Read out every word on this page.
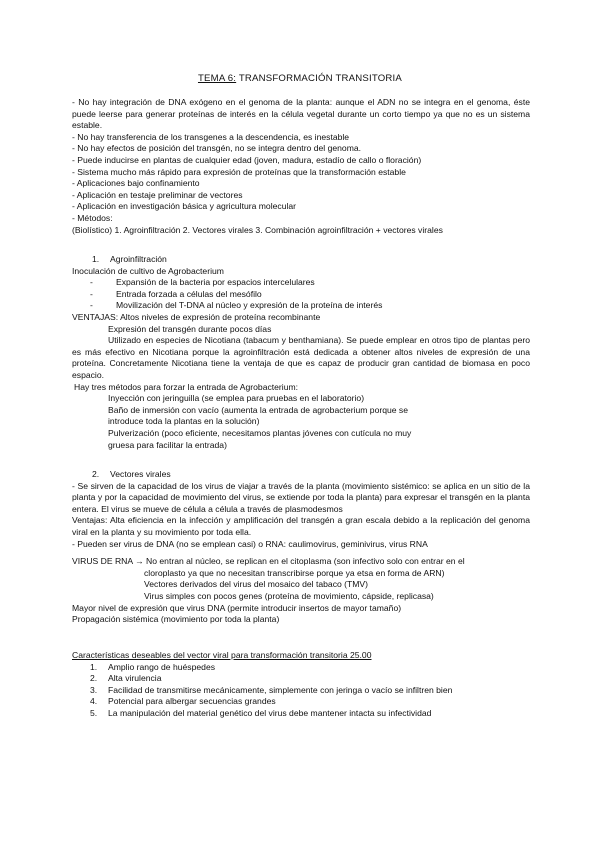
TEMA 6: TRANSFORMACIÓN TRANSITORIA

- No hay integración de DNA exógeno en el genoma de la planta: aunque el ADN no se integra en el genoma, éste puede leerse para generar proteínas de interés en la célula vegetal durante un corto tiempo ya que no es un sistema estable.

- No hay transferencia de los transgenes a la descendencia, es inestable

- No hay efectos de posición del transgén, no se integra dentro del genoma.

- Puede inducirse en plantas de cualquier edad (joven, madura, estadío de callo o floración)

- Sistema mucho más rápido para expresión de proteínas que la transformación estable

- Aplicaciones bajo confinamiento

- Aplicación en testaje preliminar de vectores

- Aplicación en investigación básica y agricultura molecular

- Métodos:

(Biolístico) 1. Agroinfiltración 2. Vectores virales 3. Combinación agroinfiltración + vectores virales

1. Agroinfiltración

Inoculación de cultivo de Agrobacterium

-	Expansión de la bacteria por espacios intercelulares

-	Entrada forzada a células del mesófilo

-	Movilización del T-DNA al núcleo y expresión de la proteína de interés

VENTAJAS: Altos niveles de expresión de proteína recombinante

Expresión del transgén durante pocos días

Utilizado en especies de Nicotiana (tabacum y benthamiana). Se puede emplear en otros tipo de plantas pero es más efectivo en Nicotiana porque la agroinfiltración está dedicada a obtener altos niveles de expresión de una proteína. Concretamente Nicotiana tiene la ventaja de que es capaz de producir gran cantidad de biomasa en poco espacio.

Hay tres métodos para forzar la entrada de Agrobacterium:

Inyección con jeringuilla (se emplea para pruebas en el laboratorio)

Baño de inmersión con vacío (aumenta la entrada de agrobacterium porque se introduce toda la plantas en la solución)

Pulverización (poco eficiente, necesitamos plantas jóvenes con cutícula no muy gruesa para facilitar la entrada)

2. Vectores virales

- Se sirven de la capacidad de los virus de viajar a través de la planta (movimiento sistémico: se aplica en un sitio de la planta y por la capacidad de movimiento del virus, se extiende por toda la planta) para expresar el transgén en la planta entera. El virus se mueve de célula a célula a través de plasmodesmos

Ventajas: Alta eficiencia en la infección y amplificación del transgén a gran escala debido a la replicación del genoma viral en la planta y su movimiento por toda ella.

- Pueden ser virus de DNA (no se emplean casi) o RNA: caulimovirus, geminivirus, virus RNA

VIRUS DE RNA → No entran al núcleo, se replican en el citoplasma (son infectivo solo con entrar en el

cloroplasto ya que no necesitan transcribirse porque ya etsa en forma de ARN)

Vectores derivados del virus del mosaico del tabaco (TMV)

Virus simples con pocos genes (proteína de movimiento, cápside, replicasa)

Mayor nivel de expresión que virus DNA (permite introducir insertos de mayor tamaño)

Propagación sistémica (movimiento por toda la planta)

Características deseables del vector viral para transformación transitoria 25.00

1. Amplio rango de huéspedes

2. Alta virulencia

3. Facilidad de transmitirse mecánicamente, simplemente con jeringa o vacío se infiltren bien

4. Potencial para albergar secuencias grandes

5. La manipulación del material genético del virus debe mantener intacta su infectividad
